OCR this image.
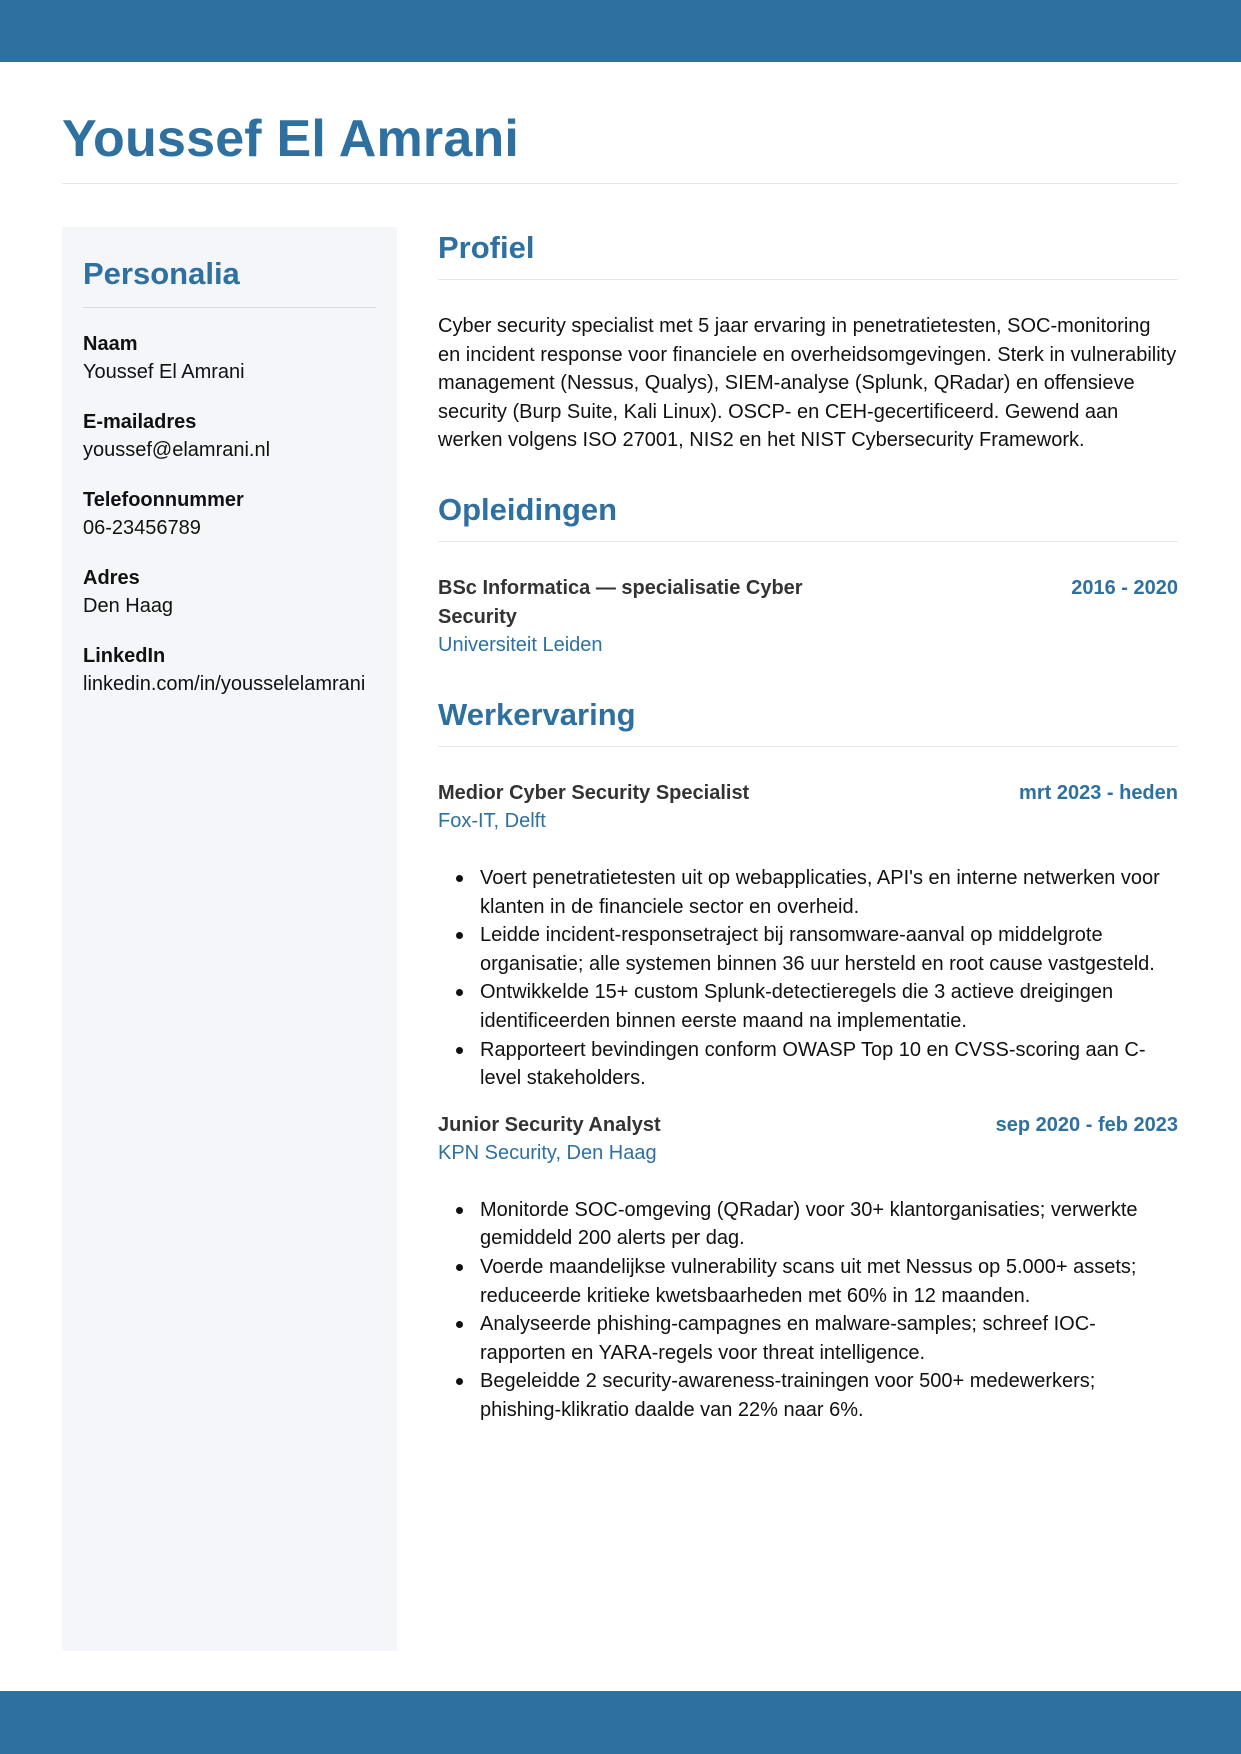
Youssef El Amrani
Personalia
Naam
Youssef El Amrani
E-mailadres
youssef@elamrani.nl
Telefoonnummer
06-23456789
Adres
Den Haag
LinkedIn
linkedin.com/in/yousselelamrani
Profiel

Cyber security specialist met 5 jaar ervaring in penetratietesten, SOC-monitoring en incident response voor financiele en overheidsomgevingen. Sterk in vulnerability management (Nessus, Qualys), SIEM-analyse (Splunk, QRadar) en offensieve security (Burp Suite, Kali Linux). OSCP- en CEH-gecertificeerd. Gewend aan werken volgens ISO 27001, NIS2 en het NIST Cybersecurity Framework.

Opleidingen
BSc Informatica — specialisatie Cyber Security
2016 - 2020
Universiteit Leiden
Werkervaring
Medior Cyber Security Specialist	mrt 2023 - heden
Fox-IT, Delft
Voert penetratietesten uit op webapplicaties, API's en interne netwerken voor klanten in de financiele sector en overheid.
Leidde incident-responsetraject bij ransomware-aanval op middelgrote organisatie; alle systemen binnen 36 uur hersteld en root cause vastgesteld.
Ontwikkelde 15+ custom Splunk-detectieregels die 3 actieve dreigingen identificeerden binnen eerste maand na implementatie.
Rapporteert bevindingen conform OWASP Top 10 en CVSS-scoring aan C-level stakeholders.
Junior Security Analyst	sep 2020 - feb 2023
KPN Security, Den Haag
Monitorde SOC-omgeving (QRadar) voor 30+ klantorganisaties; verwerkte gemiddeld 200 alerts per dag.
Voerde maandelijkse vulnerability scans uit met Nessus op 5.000+ assets; reduceerde kritieke kwetsbaarheden met 60% in 12 maanden.
Analyseerde phishing-campagnes en malware-samples; schreef IOC-rapporten en YARA-regels voor threat intelligence.
Begeleidde 2 security-awareness-trainingen voor 500+ medewerkers; phishing-klikratio daalde van 22% naar 6%.
